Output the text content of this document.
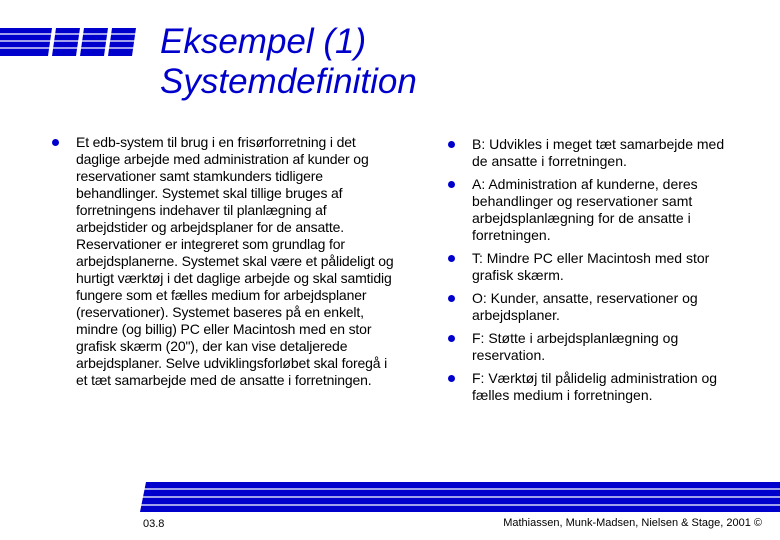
Eksempel (1)
Systemdefinition
Et edb-system til brug i en frisørforretning i det daglige arbejde med administration af kunder og reservationer samt stamkunders tidligere behandlinger. Systemet skal tillige bruges af forretningens indehaver til planlægning af arbejdstider og arbejdsplaner for de ansatte. Reservationer er integreret som grundlag for arbejdsplanerne. Systemet skal være et pålideligt og hurtigt værktøj i det daglige arbejde og skal samtidig fungere som et fælles medium for arbejdsplaner (reservationer). Systemet baseres på en enkelt, mindre (og billig) PC eller Macintosh med en stor grafisk skærm (20"), der kan vise detaljerede arbejdsplaner. Selve udviklingsforløbet skal foregå i et tæt samarbejde med de ansatte i forretningen.
B: Udvikles i meget tæt samarbejde med de ansatte i forretningen.
A: Administration af kunderne, deres behandlinger og reservationer samt arbejdsplanlægning for de ansatte i forretningen.
T: Mindre PC eller Macintosh med stor grafisk skærm.
O: Kunder, ansatte, reservationer og arbejdsplaner.
F: Støtte i arbejdsplanlægning og reservation.
F: Værktøj til pålidelig administration og fælles medium i forretningen.
03.8	Mathiassen, Munk-Madsen, Nielsen & Stage, 2001 ©
